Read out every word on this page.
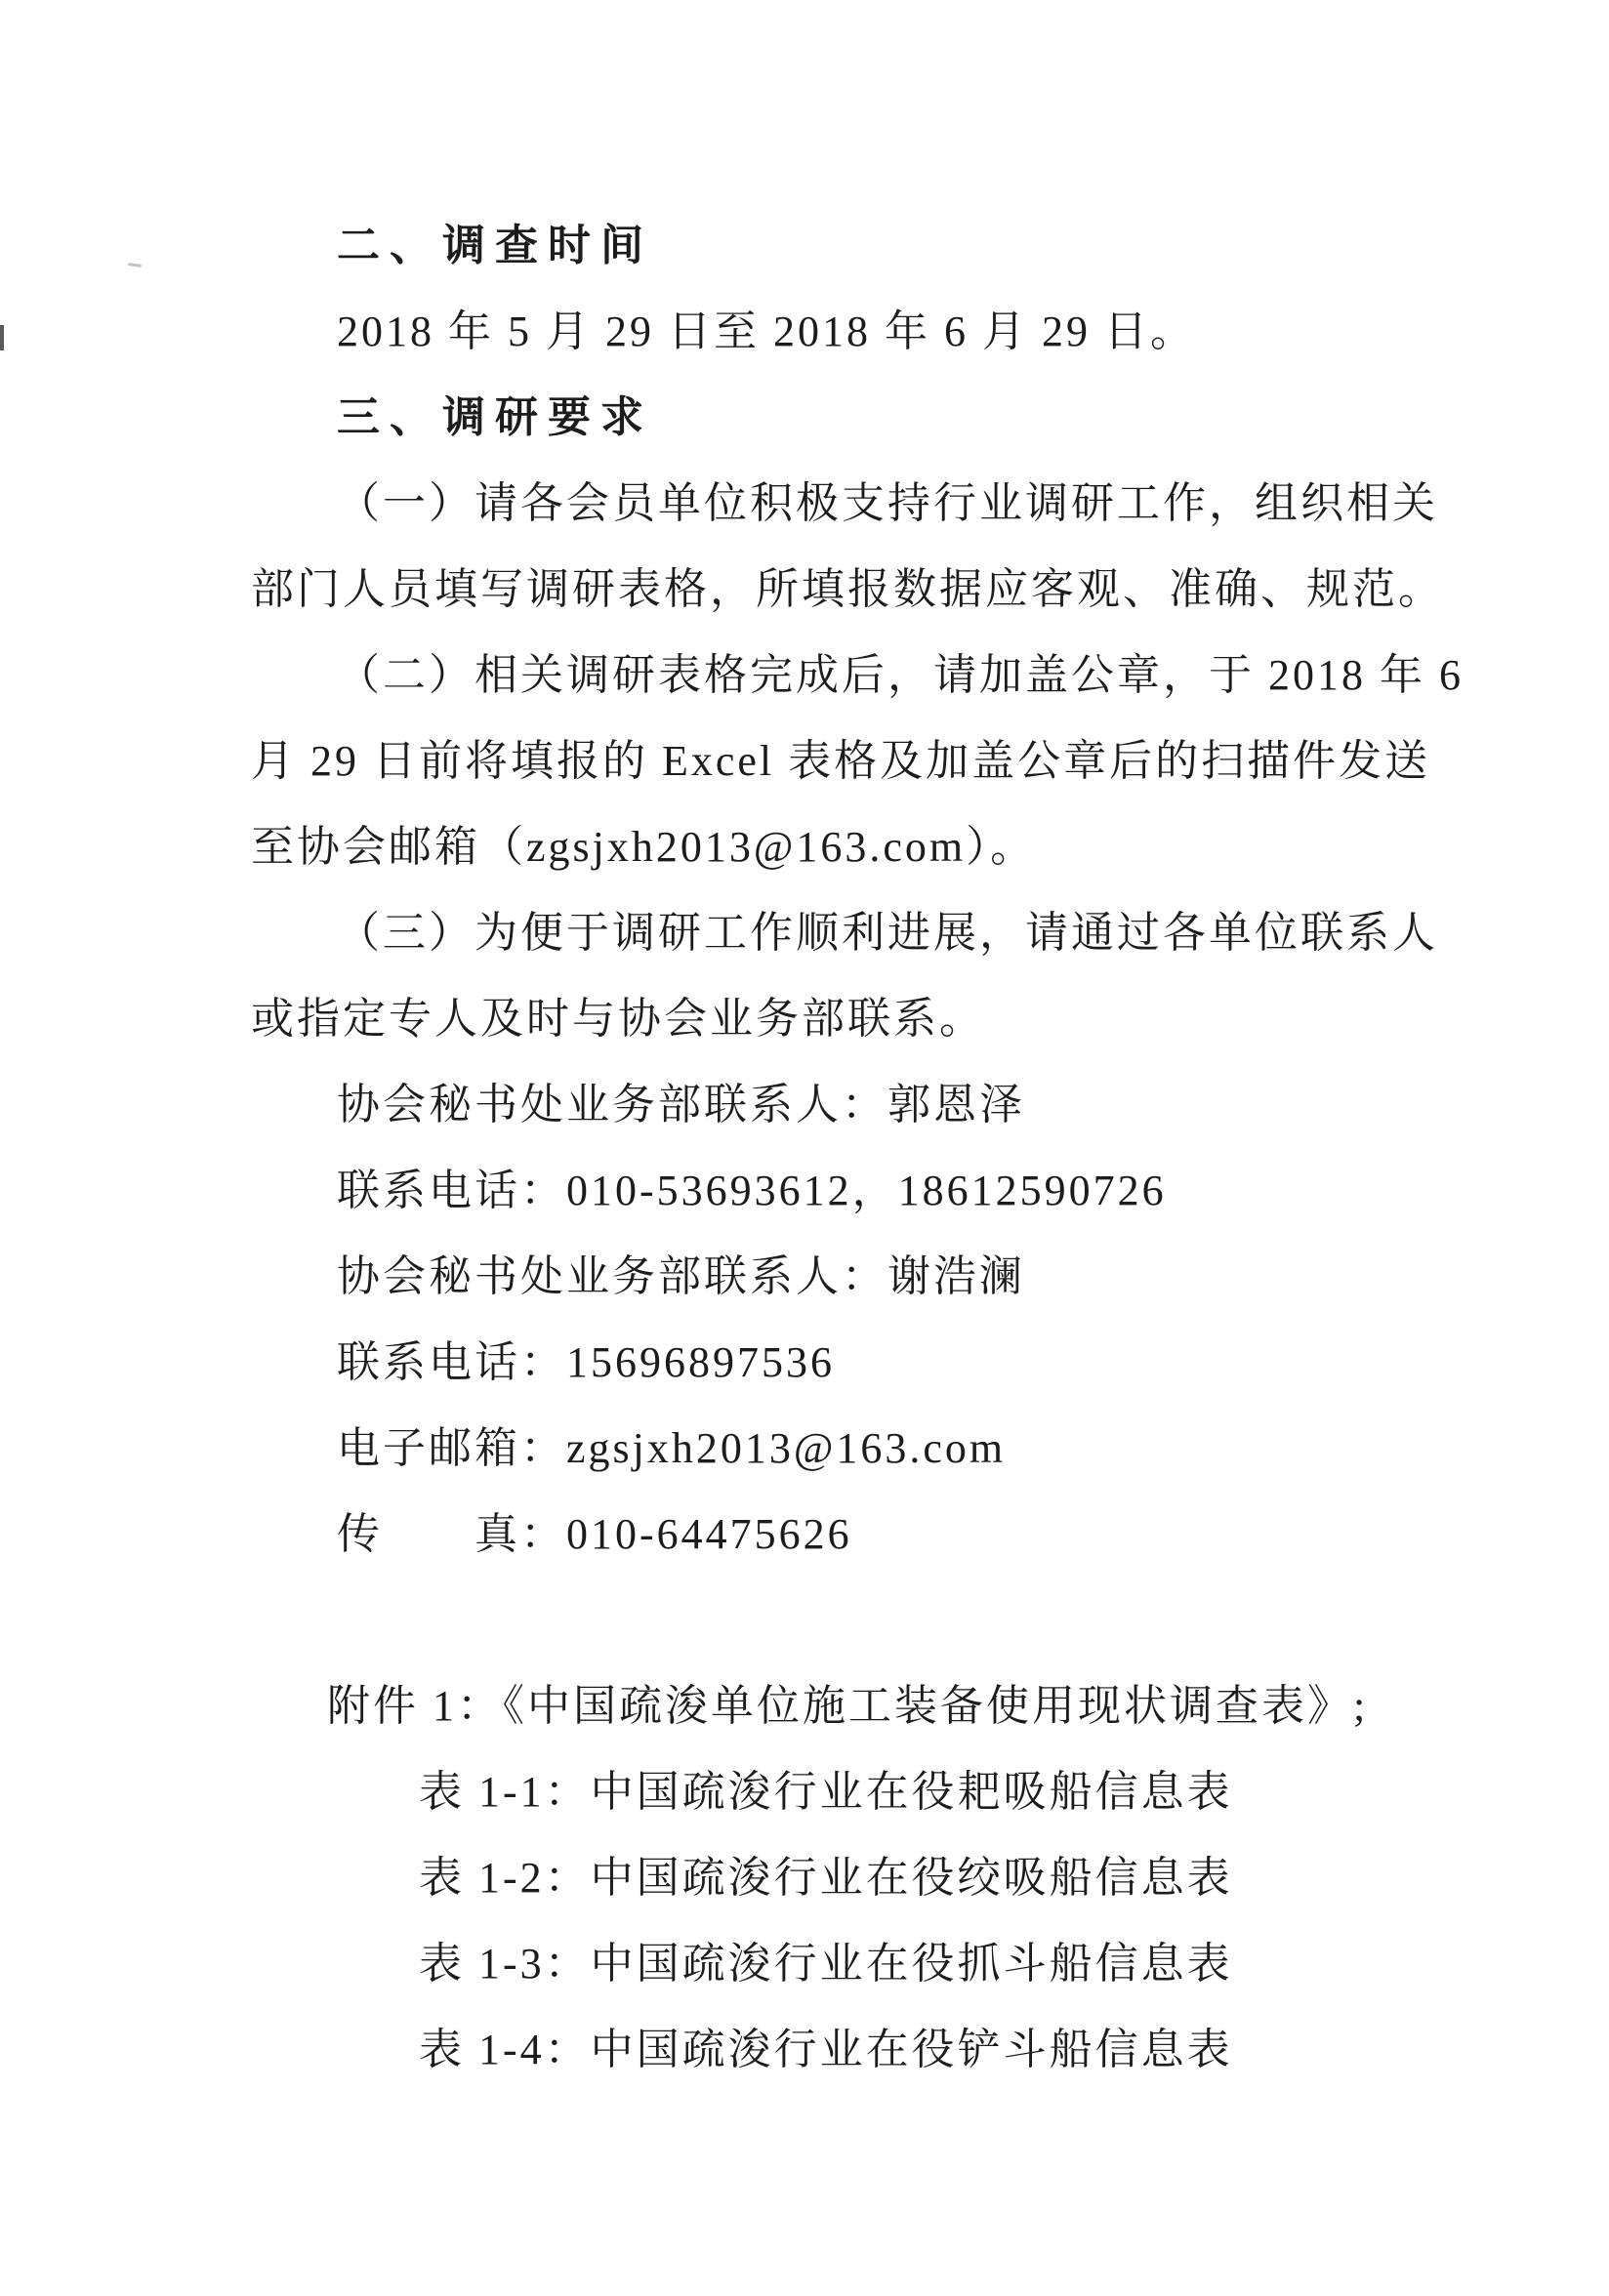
二、调查时间
2018 年 5 月 29 日至 2018 年 6 月 29 日。
三、调研要求
（一）请各会员单位积极支持行业调研工作，组织相关
部门人员填写调研表格，所填报数据应客观、准确、规范。
（二）相关调研表格完成后，请加盖公章，于 2018 年 6
月 29 日前将填报的 Excel 表格及加盖公章后的扫描件发送
至协会邮箱（zgsjxh2013@163.com）。
（三）为便于调研工作顺利进展，请通过各单位联系人
或指定专人及时与协会业务部联系。
协会秘书处业务部联系人：郭恩泽
联系电话：010-53693612，18612590726
协会秘书处业务部联系人：谢浩澜
联系电话：15696897536
电子邮箱：zgsjxh2013@163.com
传　　真：010-64475626
附件 1：《中国疏浚单位施工装备使用现状调查表》;
表 1-1：中国疏浚行业在役耙吸船信息表
表 1-2：中国疏浚行业在役绞吸船信息表
表 1-3：中国疏浚行业在役抓斗船信息表
表 1-4：中国疏浚行业在役铲斗船信息表
